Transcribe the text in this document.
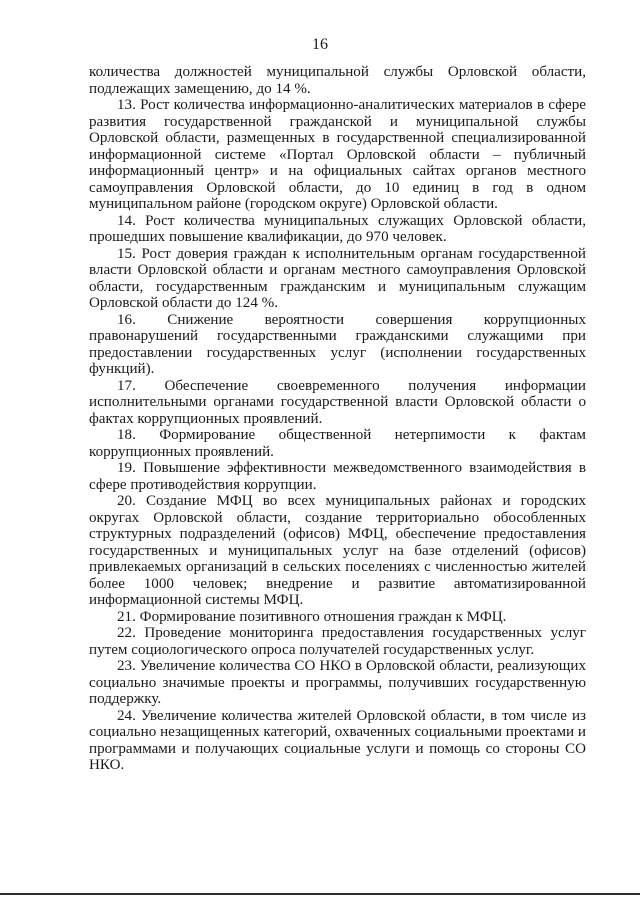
16

количества должностей муниципальной службы Орловской области, подлежащих замещению, до 14 %.

13. Рост количества информационно-аналитических материалов в сфере развития государственной гражданской и муниципальной службы Орловской области, размещенных в государственной специализированной информационной системе «Портал Орловской области – публичный информационный центр» и на официальных сайтах органов местного самоуправления Орловской области, до 10 единиц в год в одном муниципальном районе (городском округе) Орловской области.

14. Рост количества муниципальных служащих Орловской области, прошедших повышение квалификации, до 970 человек.

15. Рост доверия граждан к исполнительным органам государственной власти Орловской области и органам местного самоуправления Орловской области, государственным гражданским и муниципальным служащим Орловской области до 124 %.

16. Снижение вероятности совершения коррупционных правонарушений государственными гражданскими служащими при предоставлении государственных услуг (исполнении государственных функций).

17. Обеспечение своевременного получения информации исполнительными органами государственной власти Орловской области о фактах коррупционных проявлений.

18. Формирование общественной нетерпимости к фактам коррупционных проявлений.

19. Повышение эффективности межведомственного взаимодействия в сфере противодействия коррупции.

20. Создание МФЦ во всех муниципальных районах и городских округах Орловской области, создание территориально обособленных структурных подразделений (офисов) МФЦ, обеспечение предоставления государственных и муниципальных услуг на базе отделений (офисов) привлекаемых организаций в сельских поселениях с численностью жителей более 1000 человек; внедрение и развитие автоматизированной информационной системы МФЦ.

21. Формирование позитивного отношения граждан к МФЦ.

22. Проведение мониторинга предоставления государственных услуг путем социологического опроса получателей государственных услуг.

23. Увеличение количества СО НКО в Орловской области, реализующих социально значимые проекты и программы, получивших государственную поддержку.

24. Увеличение количества жителей Орловской области, в том числе из социально незащищенных категорий, охваченных социальными проектами и программами и получающих социальные услуги и помощь со стороны СО НКО.
